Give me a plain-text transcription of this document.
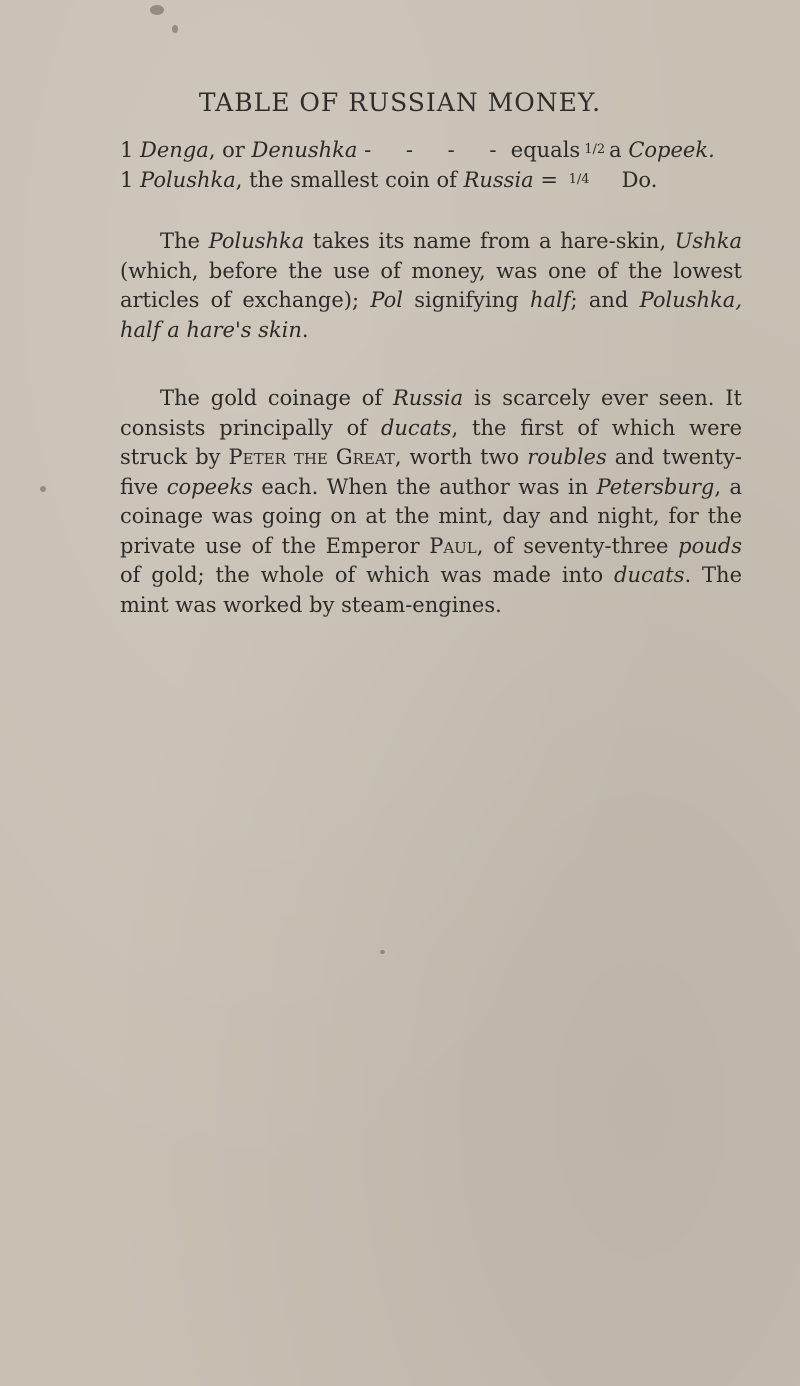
TABLE OF RUSSIAN MONEY.
1 Denga, or Denushka - - - - equals 1/2 a Copeek.
1 Polushka, the smallest coin of Russia = 1/4 Do.

The Polushka takes its name from a hare-skin, Ushka (which, before the use of money, was one of the lowest articles of exchange); Pol signifying half; and Polushka, half a hare's skin.

The gold coinage of Russia is scarcely ever seen. It consists principally of ducats, the first of which were struck by Peter the Great, worth two roubles and twenty-five copeeks each. When the author was in Petersburg, a coinage was going on at the mint, day and night, for the private use of the Emperor Paul, of seventy-three pouds of gold; the whole of which was made into ducats. The mint was worked by steam-engines.
